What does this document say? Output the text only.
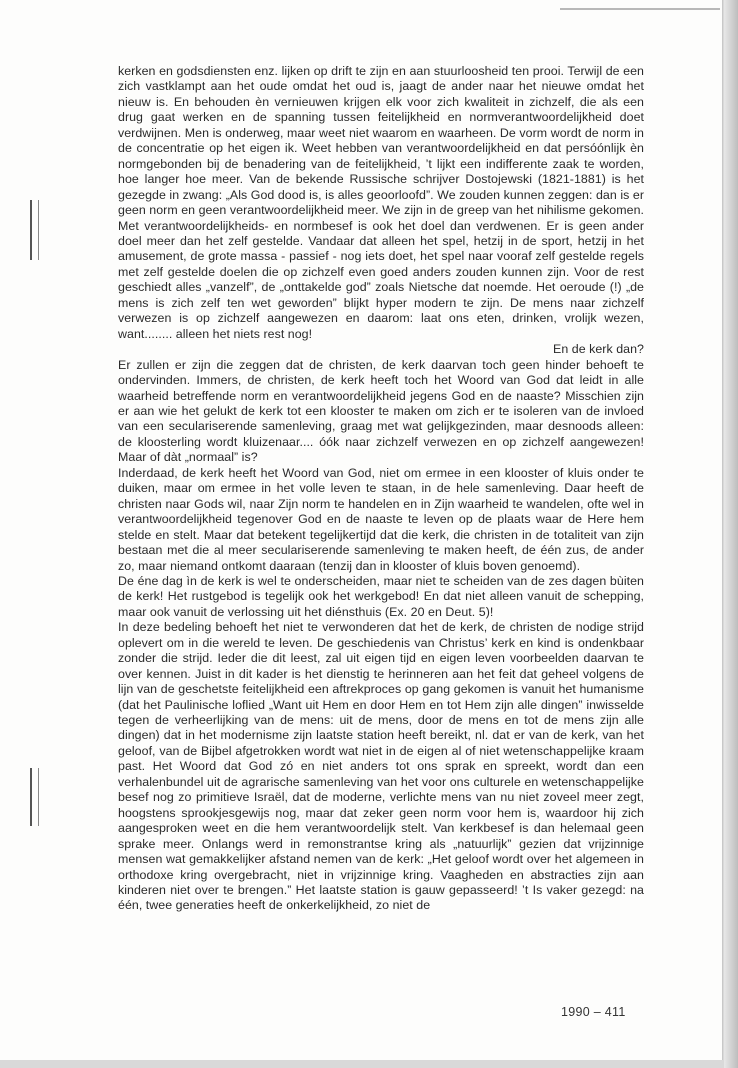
kerken en godsdiensten enz. lijken op drift te zijn en aan stuurloosheid ten prooi. Terwijl de een zich vastklampt aan het oude omdat het oud is, jaagt de ander naar het nieuwe omdat het nieuw is. En behouden èn vernieuwen krijgen elk voor zich kwaliteit in zichzelf, die als een drug gaat werken en de spanning tussen feitelijkheid en normverantwoordelijkheid doet verdwijnen. Men is onderweg, maar weet niet waarom en waarheen. De vorm wordt de norm in de concentratie op het eigen ik. Weet hebben van verantwoordelijkheid en dat persóónlijk èn normgebonden bij de benadering van de feitelijkheid, ’t lijkt een indifferente zaak te worden, hoe langer hoe meer. Van de bekende Russische schrijver Dostojewski (1821-1881) is het gezegde in zwang: „Als God dood is, is alles geoorloofd”. We zouden kunnen zeggen: dan is er geen norm en geen verantwoordelijkheid meer. We zijn in de greep van het nihilisme gekomen. Met verantwoordelijkheids- en normbesef is ook het doel dan verdwenen. Er is geen ander doel meer dan het zelf gestelde. Vandaar dat alleen het spel, hetzij in de sport, hetzij in het amusement, de grote massa - passief - nog iets doet, het spel naar vooraf zelf gestelde regels met zelf gestelde doelen die op zichzelf even goed anders zouden kunnen zijn. Voor de rest geschiedt alles „vanzelf”, de „onttakelde god” zoals Nietsche dat noemde. Het oeroude (!) „de mens is zich zelf ten wet geworden” blijkt hyper modern te zijn. De mens naar zichzelf verwezen is op zichzelf aangewezen en daarom: laat ons eten, drinken, vrolijk wezen, want........ alleen het niets rest nog!

En de kerk dan?

Er zullen er zijn die zeggen dat de christen, de kerk daarvan toch geen hinder behoeft te ondervinden. Immers, de christen, de kerk heeft toch het Woord van God dat leidt in alle waarheid betreffende norm en verantwoordelijkheid jegens God en de naaste? Misschien zijn er aan wie het gelukt de kerk tot een klooster te maken om zich er te isoleren van de invloed van een seculariserende samenleving, graag met wat gelijkgezinden, maar desnoods alleen: de kloosterling wordt kluizenaar.... óók naar zichzelf verwezen en op zichzelf aangewezen! Maar of dàt „normaal” is?

Inderdaad, de kerk heeft het Woord van God, niet om ermee in een klooster of kluis onder te duiken, maar om ermee in het volle leven te staan, in de hele samenleving. Daar heeft de christen naar Gods wil, naar Zijn norm te handelen en in Zijn waarheid te wandelen, ofte wel in verantwoordelijkheid tegenover God en de naaste te leven op de plaats waar de Here hem stelde en stelt. Maar dat betekent tegelijkertijd dat die kerk, die christen in de totaliteit van zijn bestaan met die al meer seculariserende samenleving te maken heeft, de één zus, de ander zo, maar niemand ontkomt daaraan (tenzij dan in klooster of kluis boven genoemd).

De éne dag ìn de kerk is wel te onderscheiden, maar niet te scheiden van de zes dagen bùiten de kerk! Het rustgebod is tegelijk ook het werkgebod! En dat niet alleen vanuit de schepping, maar ook vanuit de verlossing uit het diénsthuis (Ex. 20 en Deut. 5)!

In deze bedeling behoeft het niet te verwonderen dat het de kerk, de christen de nodige strijd oplevert om in die wereld te leven. De geschiedenis van Christus’ kerk en kind is ondenkbaar zonder die strijd. Ieder die dit leest, zal uit eigen tijd en eigen leven voorbeelden daarvan te over kennen. Juist in dit kader is het dienstig te herinneren aan het feit dat geheel volgens de lijn van de geschetste feitelijkheid een aftrekproces op gang gekomen is vanuit het humanisme (dat het Paulinische loflied „Want uit Hem en door Hem en tot Hem zijn alle dingen” inwisselde tegen de verheerlijking van de mens: uit de mens, door de mens en tot de mens zijn alle dingen) dat in het modernisme zijn laatste station heeft bereikt, nl. dat er van de kerk, van het geloof, van de Bijbel afgetrokken wordt wat niet in de eigen al of niet wetenschappelijke kraam past. Het Woord dat God zó en niet anders tot ons sprak en spreekt, wordt dan een verhalenbundel uit de agrarische samenleving van het voor ons culturele en wetenschappelijke besef nog zo primitieve Israël, dat de moderne, verlichte mens van nu niet zoveel meer zegt, hoogstens sprookjesgewijs nog, maar dat zeker geen norm voor hem is, waardoor hij zich aangesproken weet en die hem verantwoordelijk stelt. Van kerkbesef is dan helemaal geen sprake meer. Onlangs werd in remonstrantse kring als „natuurlijk” gezien dat vrijzinnige mensen wat gemakkelijker afstand nemen van de kerk: „Het geloof wordt over het algemeen in orthodoxe kring overgebracht, niet in vrijzinnige kring. Vaagheden en abstracties zijn aan kinderen niet over te brengen.” Het laatste station is gauw gepasseerd! ’t Is vaker gezegd: na één, twee generaties heeft de onkerkelijkheid, zo niet de

1990 – 411
